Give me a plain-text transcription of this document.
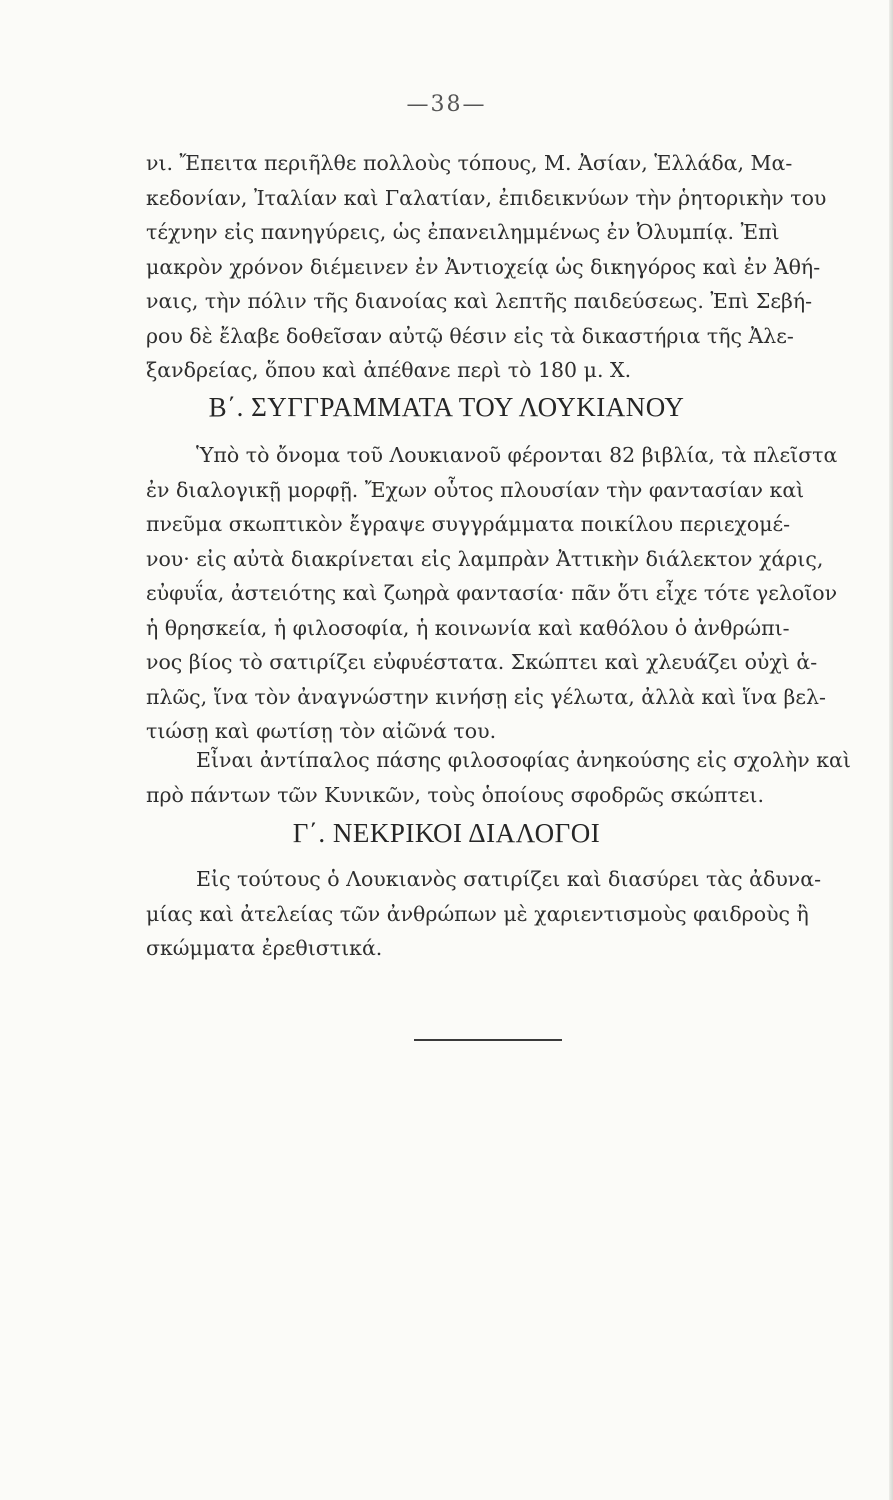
—38—
νι. Ἔπειτα περιῆλθε πολλοὺς τόπους, Μ. Ἀσίαν, Ἑλλάδα, Μα-
κεδονίαν, Ἰταλίαν καὶ Γαλατίαν, ἐπιδεικνύων τὴν ῥητορικὴν του
τέχνην εἰς πανηγύρεις, ὡς ἐπανειλημμένως ἐν Ὀλυμπίᾳ. Ἐπὶ
μακρὸν χρόνον διέμεινεν ἐν Ἀντιοχείᾳ ὡς δικηγόρος καὶ ἐν Ἀθή-
ναις, τὴν πόλιν τῆς διανοίας καὶ λεπτῆς παιδεύσεως. Ἐπὶ Σεβή-
ρου δὲ ἔλαβε δοθεῖσαν αὐτῷ θέσιν εἰς τὰ δικαστήρια τῆς Ἀλε-
ξανδρείας, ὅπου καὶ ἀπέθανε περὶ τὸ 180 μ. Χ.
Β΄. ΣΥΓΓΡΑΜΜΑΤΑ ΤΟΥ ΛΟΥΚΙΑΝΟΥ
Ὑπὸ τὸ ὄνομα τοῦ Λουκιανοῦ φέρονται 82 βιβλία, τὰ πλεῖστα
ἐν διαλογικῇ μορφῇ. Ἔχων οὗτος πλουσίαν τὴν φαντασίαν καὶ
πνεῦμα σκωπτικὸν ἔγραψε συγγράμματα ποικίλου περιεχομέ-
νου· εἰς αὐτὰ διακρίνεται εἰς λαμπρὰν Ἀττικὴν διάλεκτον χάρις,
εὐφυΐα, ἀστειότης καὶ ζωηρὰ φαντασία· πᾶν ὅτι εἶχε τότε γελοῖον
ἡ θρησκεία, ἡ φιλοσοφία, ἡ κοινωνία καὶ καθόλου ὁ ἀνθρώπι-
νος βίος τὸ σατιρίζει εὐφυέστατα. Σκώπτει καὶ χλευάζει οὐχὶ ἁ-
πλῶς, ἵνα τὸν ἀναγνώστην κινήσῃ εἰς γέλωτα, ἀλλὰ καὶ ἵνα βελ-
τιώσῃ καὶ φωτίσῃ τὸν αἰῶνά του.
Εἶναι ἀντίπαλος πάσης φιλοσοφίας ἀνηκούσης εἰς σχολὴν καὶ
πρὸ πάντων τῶν Κυνικῶν, τοὺς ὁποίους σφοδρῶς σκώπτει.
Γ΄. ΝΕΚΡΙΚΟΙ ΔΙΑΛΟΓΟΙ
Εἰς τούτους ὁ Λουκιανὸς σατιρίζει καὶ διασύρει τὰς ἀδυνα-
μίας καὶ ἀτελείας τῶν ἀνθρώπων μὲ χαριεντισμοὺς φαιδροὺς ἢ
σκώμματα ἐρεθιστικά.
